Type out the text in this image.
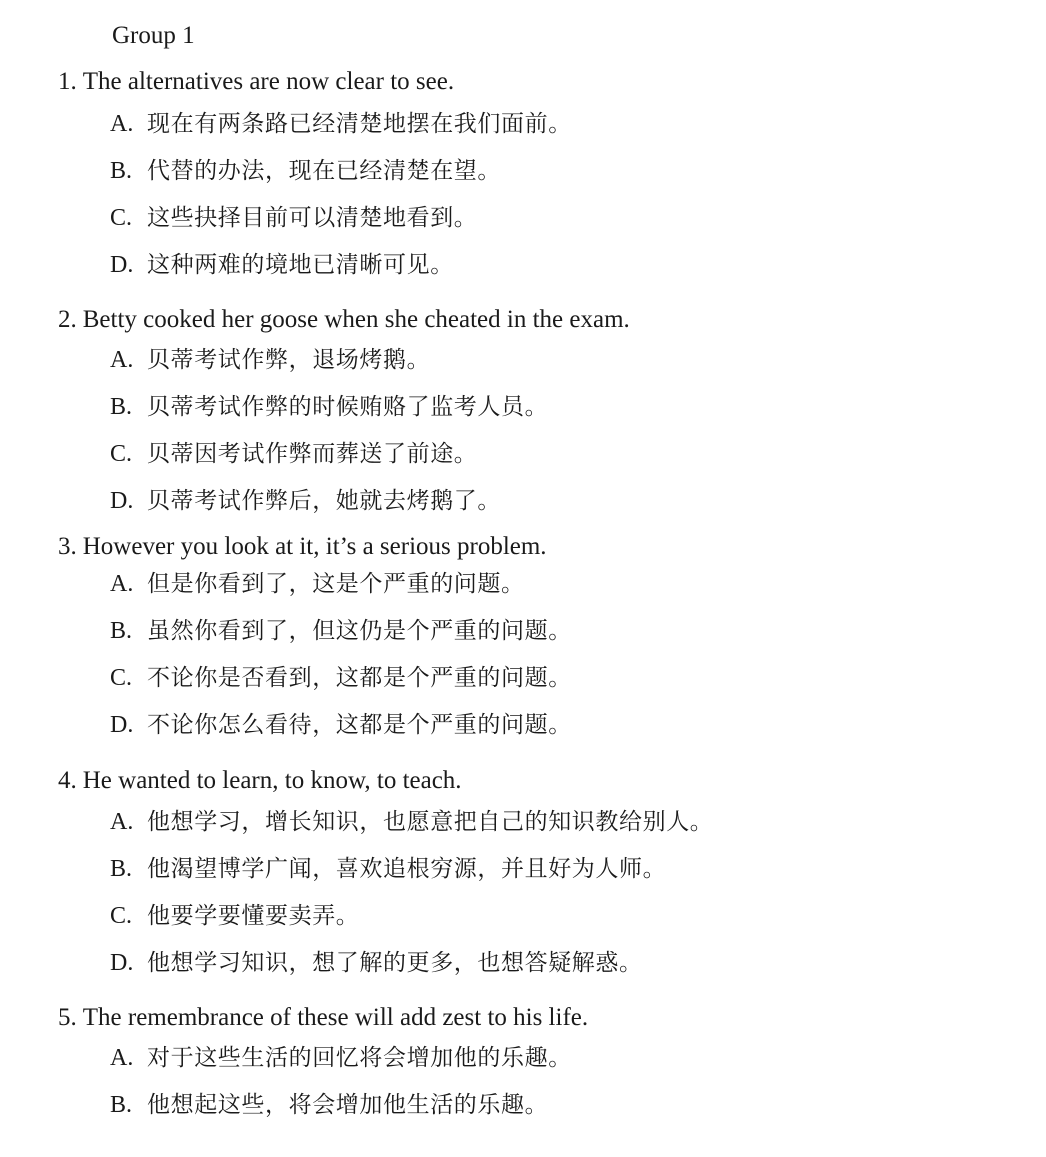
Group 1
1. The alternatives are now clear to see.
A. 现在有两条路已经清楚地摆在我们面前。
B. 代替的办法，现在已经清楚在望。
C. 这些抉择目前可以清楚地看到。
D. 这种两难的境地已清晰可见。
2. Betty cooked her goose when she cheated in the exam.
A. 贝蒂考试作弊，退场烤鹅。
B. 贝蒂考试作弊的时候贿赂了监考人员。
C. 贝蒂因考试作弊而葬送了前途。
D. 贝蒂考试作弊后，她就去烤鹅了。
3. However you look at it, it’s a serious problem.
A. 但是你看到了，这是个严重的问题。
B. 虽然你看到了，但这仍是个严重的问题。
C. 不论你是否看到，这都是个严重的问题。
D. 不论你怎么看待，这都是个严重的问题。
4. He wanted to learn, to know, to teach.
A. 他想学习，增长知识，也愿意把自己的知识教给别人。
B. 他渴望博学广闻，喜欢追根穷源，并且好为人师。
C. 他要学要懂要卖弄。
D. 他想学习知识，想了解的更多，也想答疑解惑。
5. The remembrance of these will add zest to his life.
A. 对于这些生活的回忆将会增加他的乐趣。
B. 他想起这些，将会增加他生活的乐趣。
